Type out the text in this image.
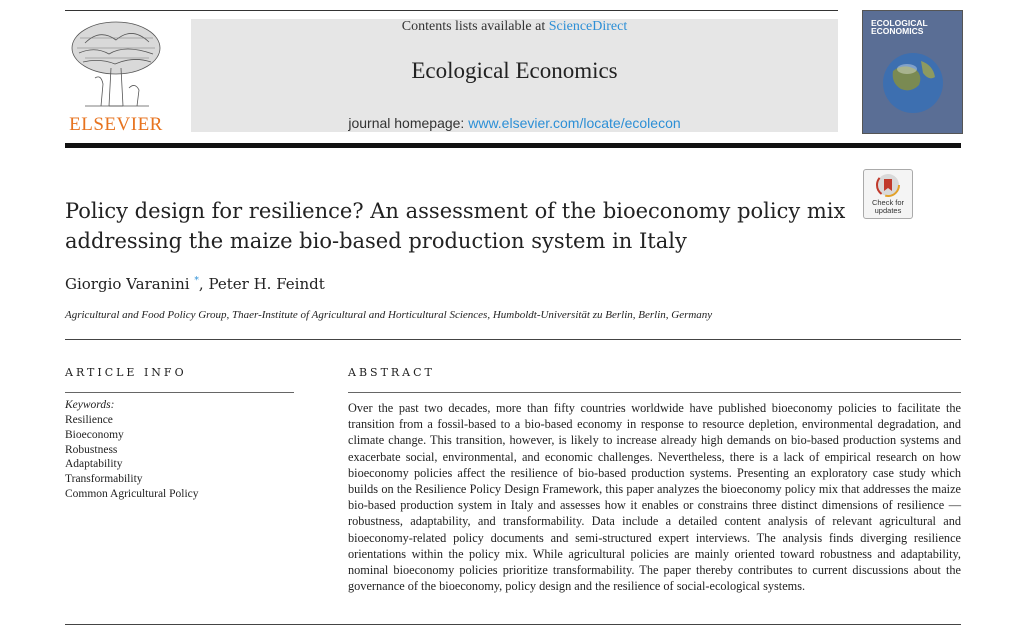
ELSEVIER
Contents lists available at ScienceDirect
Ecological Economics
journal homepage: www.elsevier.com/locate/ecolecon
ECOLOGICAL
ECONOMICS
Policy design for resilience? An assessment of the bioeconomy policy mix
addressing the maize bio-based production system in Italy
Check for
updates
Giorgio Varanini *, Peter H. Feindt
Agricultural and Food Policy Group, Thaer-Institute of Agricultural and Horticultural Sciences, Humboldt-Universität zu Berlin, Berlin, Germany
ARTICLE INFO
Keywords:
Resilience
Bioeconomy
Robustness
Adaptability
Transformability
Common Agricultural Policy
ABSTRACT
Over the past two decades, more than fifty countries worldwide have published bioeconomy policies to facilitate the transition from a fossil-based to a bio-based economy in response to resource depletion, environmental degradation, and climate change. This transition, however, is likely to increase already high demands on bio-based production systems and exacerbate social, environmental, and economic challenges. Nevertheless, there is a lack of empirical research on how bioeconomy policies affect the resilience of bio-based production systems. Presenting an exploratory case study which builds on the Resilience Policy Design Framework, this paper analyzes the bioeconomy policy mix that addresses the maize bio-based production system in Italy and assesses how it enables or constrains three distinct dimensions of resilience — robustness, adaptability, and transformability. Data include a detailed content analysis of relevant agricultural and bioeconomy-related policy documents and semi-structured expert interviews. The analysis finds diverging resilience orientations within the policy mix. While agricultural policies are mainly oriented toward robustness and adaptability, nominal bioeconomy policies prioritize transformability. The paper thereby contributes to current discussions about the governance of the bioeconomy, policy design and the resilience of social-ecological systems.
